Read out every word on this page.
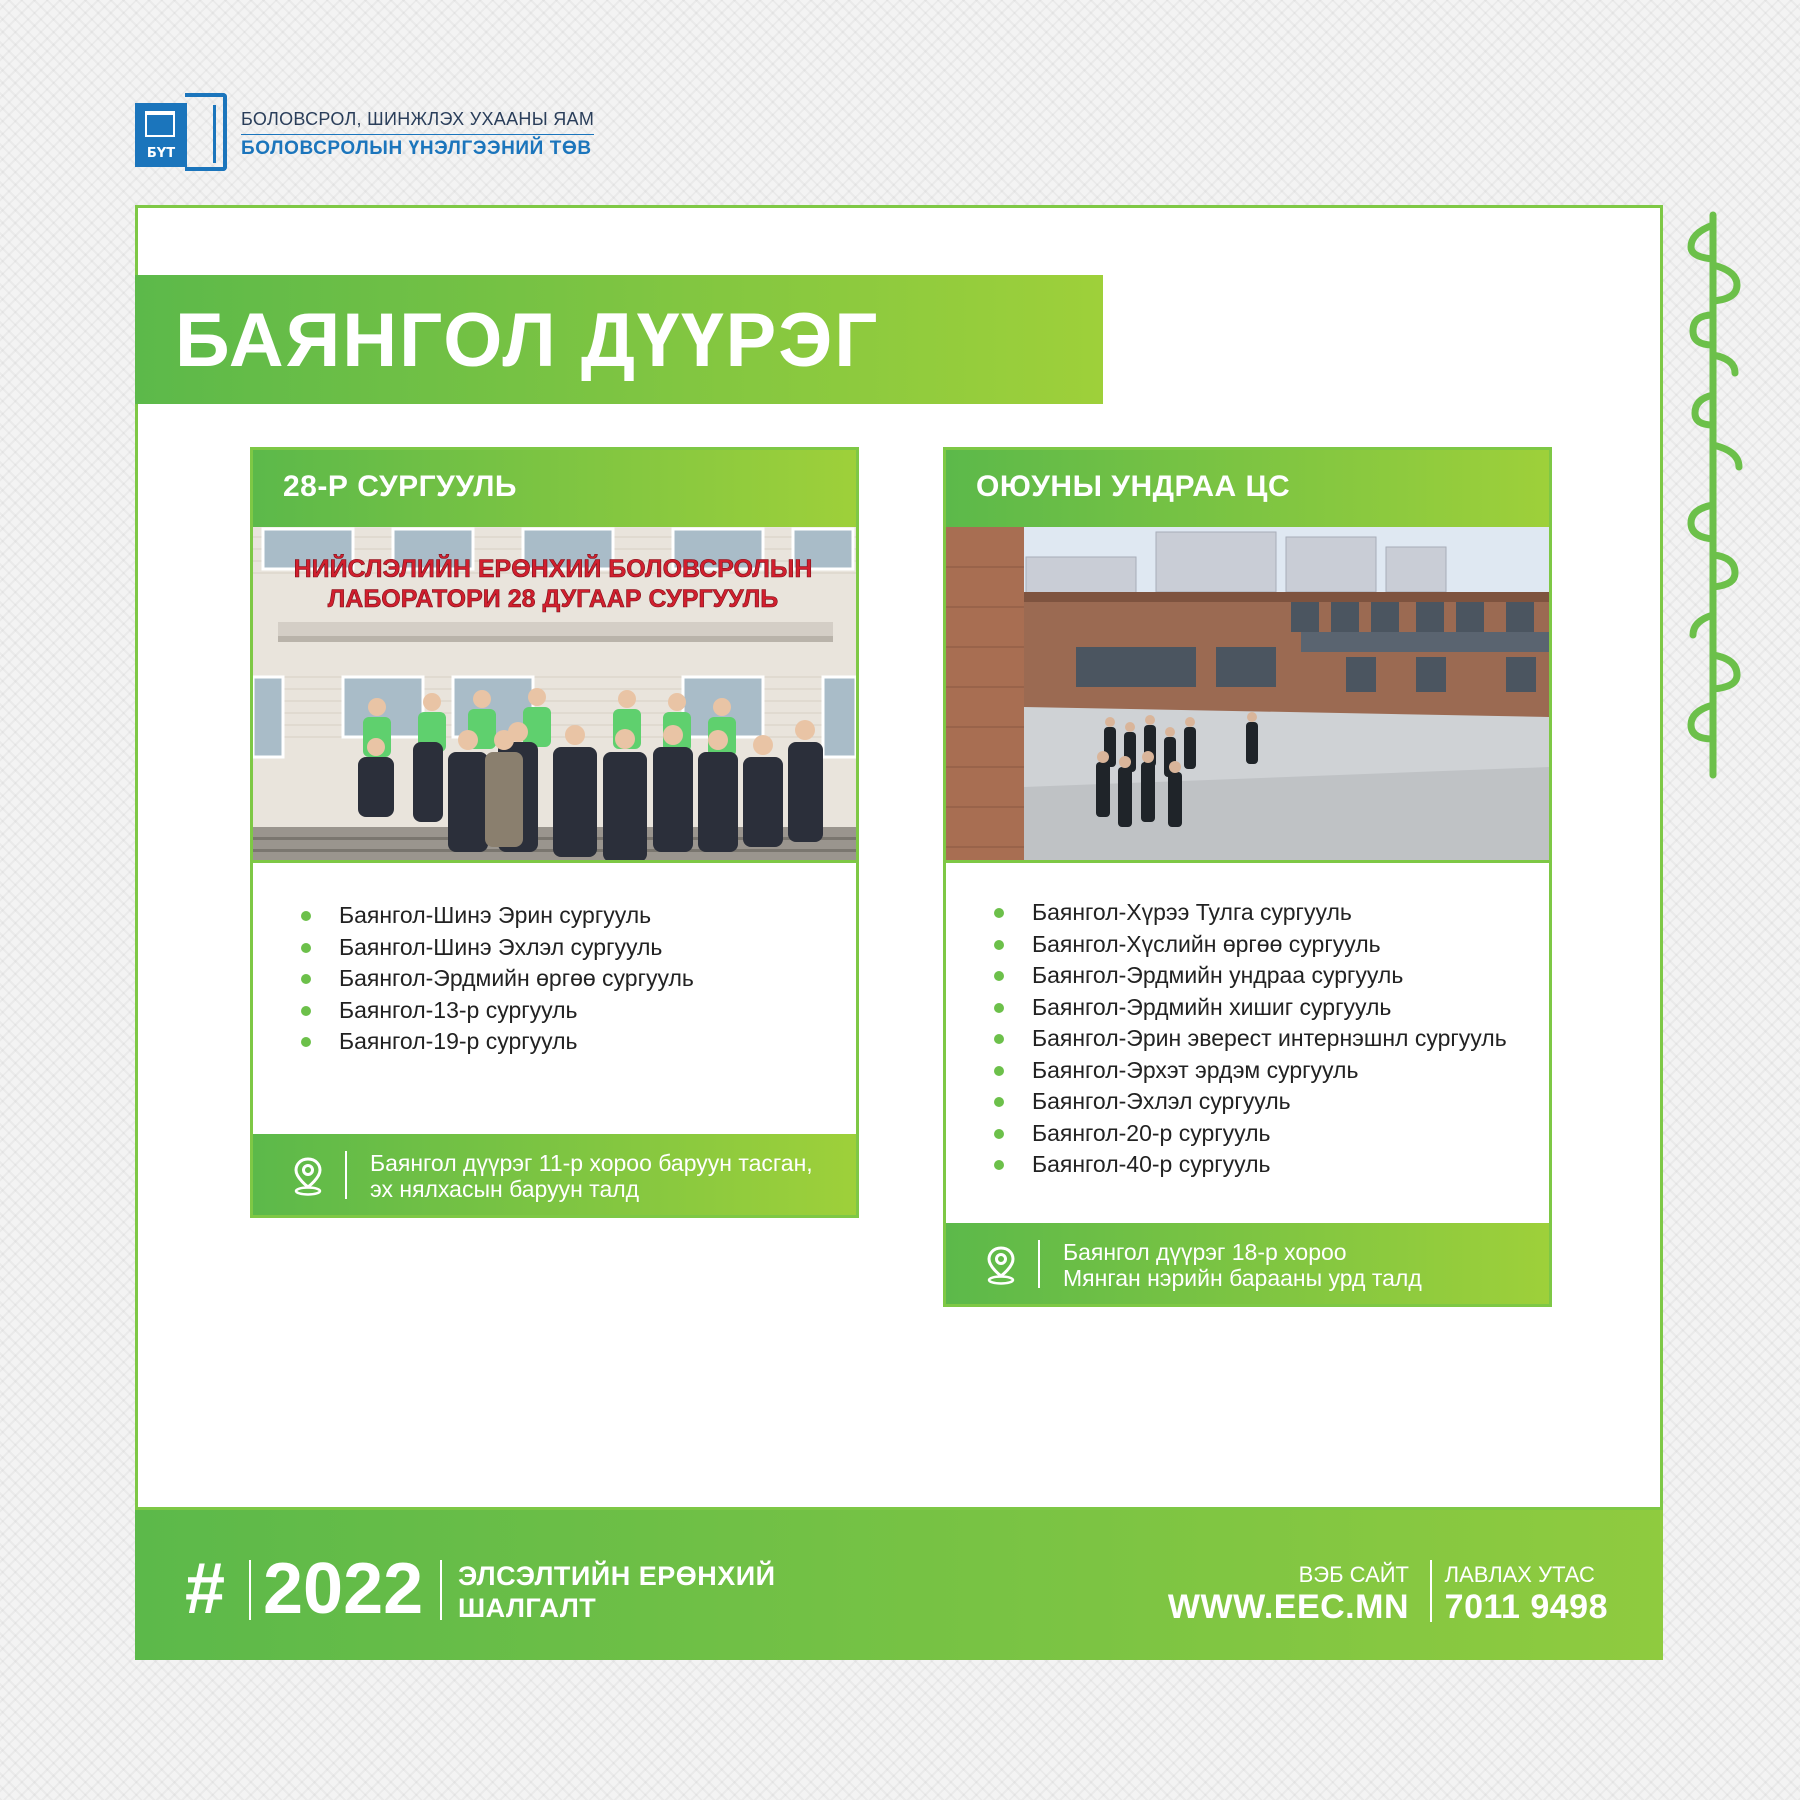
БҮТ
БОЛОВСРОЛ, ШИНЖЛЭХ УХААНЫ ЯАМ
БОЛОВСРОЛЫН ҮНЭЛГЭЭНИЙ ТӨВ
БАЯНГОЛ ДҮҮРЭГ
28-Р СУРГУУЛЬ
НИЙСЛЭЛИЙН ЕРӨНХИЙ БОЛОВСРОЛЫН
ЛАБОРАТОРИ 28 ДУГААР СУРГУУЛЬ
Баянгол-Шинэ Эрин сургууль
Баянгол-Шинэ Эхлэл сургууль
Баянгол-Эрдмийн өргөө сургууль
Баянгол-13-р сургууль
Баянгол-19-р сургууль
Баянгол дүүрэг 11-р хороо баруун тасган,
эх нялхасын баруун талд
ОЮУНЫ УНДРАА ЦС
Баянгол-Хүрээ Тулга сургууль
Баянгол-Хүслийн өргөө сургууль
Баянгол-Эрдмийн ундраа сургууль
Баянгол-Эрдмийн хишиг сургууль
Баянгол-Эрин эверест интернэшнл сургууль
Баянгол-Эрхэт эрдэм сургууль
Баянгол-Эхлэл сургууль
Баянгол-20-р сургууль
Баянгол-40-р сургууль
Баянгол дүүрэг 18-р хороо
Мянган нэрийн барааны урд талд
# 2022 ЭЛСЭЛТИЙН ЕРӨНХИЙ
ШАЛГАЛТ
ВЭБ САЙТ
WWW.EEC.MN
ЛАВЛАХ УТАС
7011 9498
